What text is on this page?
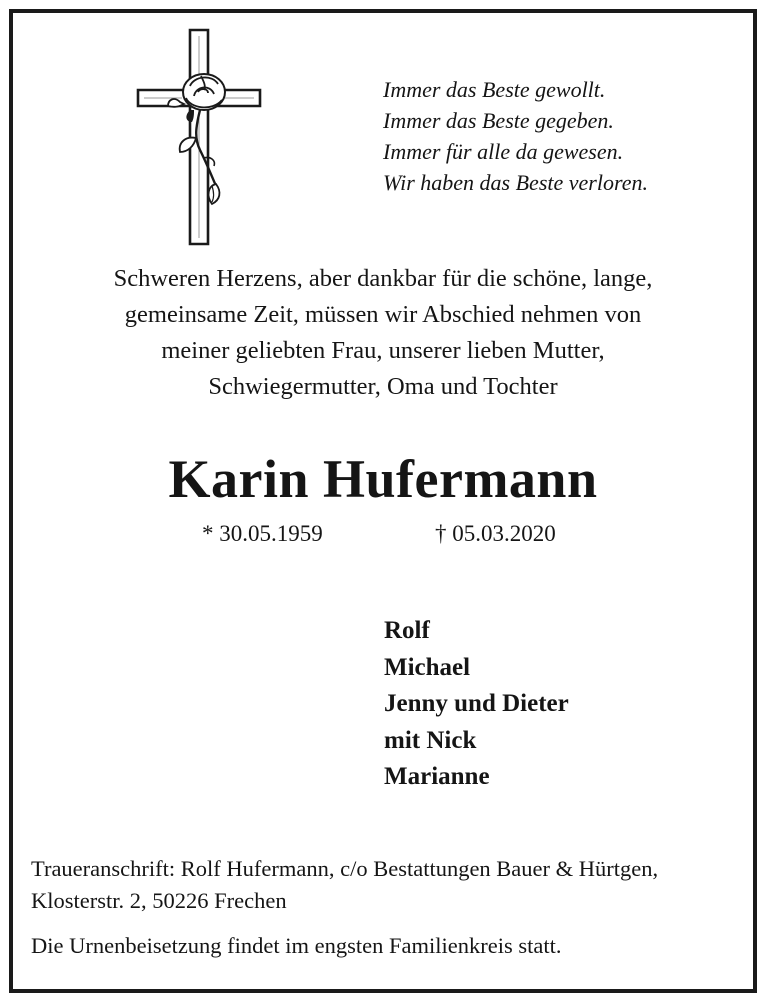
Immer das Beste gewollt.
Immer das Beste gegeben.
Immer für alle da gewesen.
Wir haben das Beste verloren.
Schweren Herzens, aber dankbar für die schöne, lange,
gemeinsame Zeit, müssen wir Abschied nehmen von
meiner geliebten Frau, unserer lieben Mutter,
Schwiegermutter, Oma und Tochter
Karin Hufermann
* 30.05.1959	† 05.03.2020
Rolf
Michael
Jenny und Dieter
mit Nick
Marianne
Traueranschrift: Rolf Hufermann, c/o Bestattungen Bauer & Hürtgen, Klosterstr. 2, 50226 Frechen
Die Urnenbeisetzung findet im engsten Familienkreis statt.
